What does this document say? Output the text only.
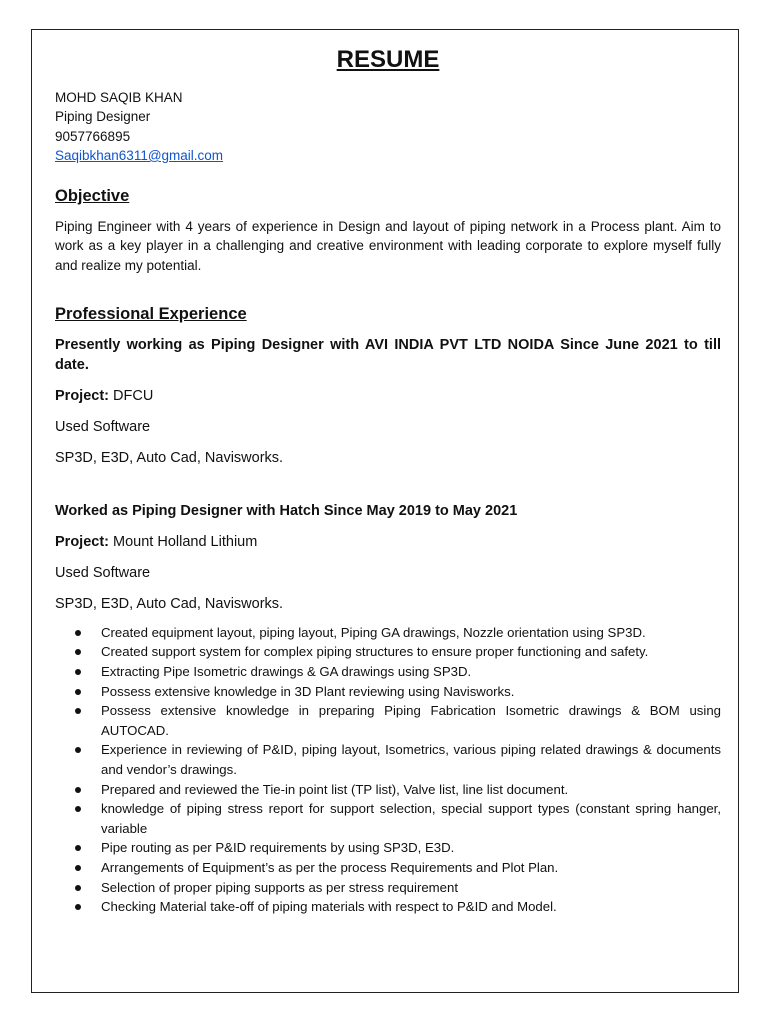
RESUME
MOHD SAQIB KHAN
Piping Designer
9057766895
Saqibkhan6311@gmail.com
Objective

Piping Engineer with 4 years of experience in Design and layout of piping network in a Process plant. Aim to work as a key player in a challenging and creative environment with leading corporate to explore myself fully and realize my potential.

Professional Experience
Presently working as Piping Designer with AVI INDIA PVT LTD NOIDA Since June 2021 to till date.
Project: DFCU
Used Software
SP3D, E3D, Auto Cad, Navisworks.
Worked as Piping Designer with Hatch Since May 2019 to May 2021
Project: Mount Holland Lithium
Used Software
SP3D, E3D, Auto Cad, Navisworks.
Created equipment layout, piping layout, Piping GA drawings, Nozzle orientation using SP3D.
Created support system for complex piping structures to ensure proper functioning and safety.
Extracting Pipe Isometric drawings & GA drawings using SP3D.
Possess extensive knowledge in 3D Plant reviewing using Navisworks.
Possess extensive knowledge in preparing Piping Fabrication Isometric drawings & BOM using AUTOCAD.
Experience in reviewing of P&ID, piping layout, Isometrics, various piping related drawings & documents and vendor’s drawings.
Prepared and reviewed the Tie-in point list (TP list), Valve list, line list document.
knowledge of piping stress report for support selection, special support types (constant spring hanger, variable
Pipe routing as per P&ID requirements by using SP3D, E3D.
Arrangements of Equipment’s as per the process Requirements and Plot Plan.
Selection of proper piping supports as per stress requirement
Checking Material take-off of piping materials with respect to P&ID and Model.
